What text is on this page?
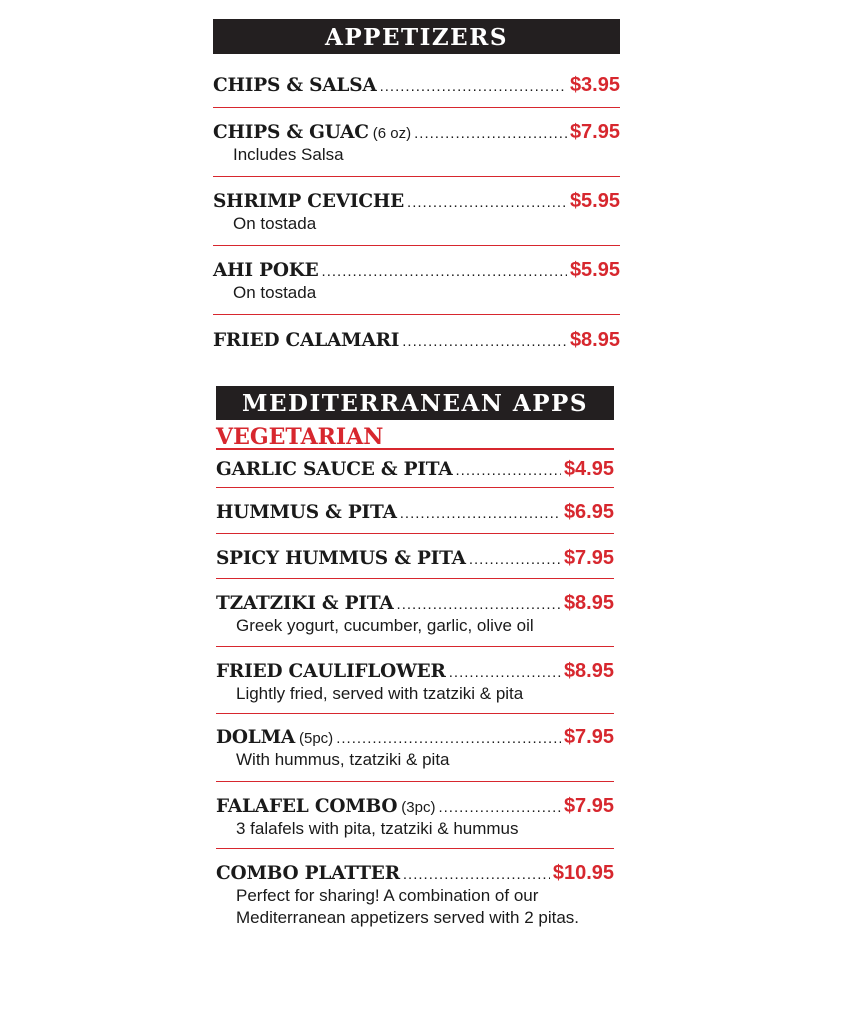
APPETIZERS
CHIPS & SALSA .....	$3.95
CHIPS & GUAC (6 oz) .....	$7.95
Includes Salsa
SHRIMP CEVICHE .....	$5.95
On tostada
AHI POKE .....	$5.95
On tostada
FRIED CALAMARI .....	$8.95
MEDITERRANEAN APPS
VEGETARIAN
GARLIC SAUCE & PITA .....	$4.95
HUMMUS & PITA .....	$6.95
SPICY HUMMUS & PITA .....	$7.95
TZATZIKI & PITA .....	$8.95
Greek yogurt, cucumber, garlic, olive oil
FRIED CAULIFLOWER .....	$8.95
Lightly fried, served with tzatziki & pita
DOLMA (5pc) .....	$7.95
With hummus, tzatziki & pita
FALAFEL COMBO (3pc) .....	$7.95
3 falafels with pita, tzatziki & hummus
COMBO PLATTER .....	$10.95
Perfect for sharing! A combination of our Mediterranean appetizers served with 2 pitas.
